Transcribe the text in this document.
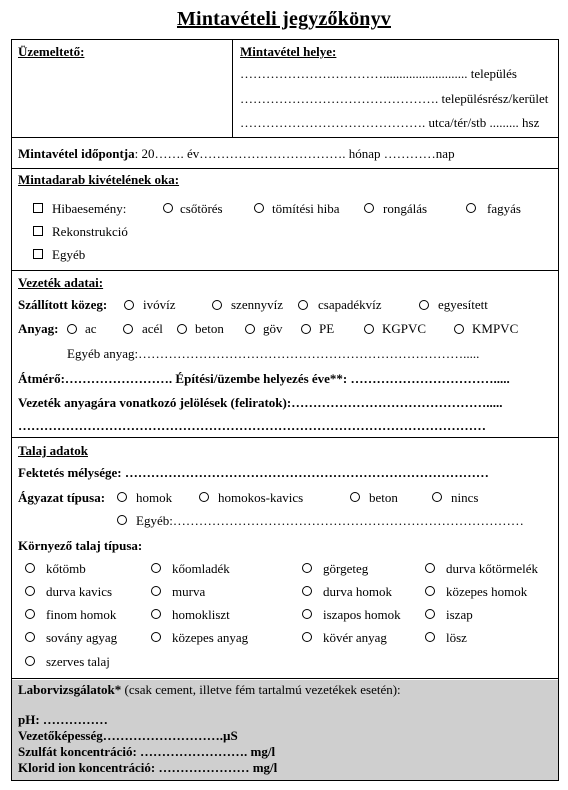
Mintavételi jegyzőkönyv
Üzemeltető:	Mintavétel helye:
…………………………….......................... település
………………………………………. településrész/kerület
……………………………………. utca/tér/stb ......... hsz
Mintavétel időpontja: 20……. év……………………………. hónap …………nap
Mintadarab kivételének oka:
Hibaesemény:	csőtörés	tömítési hiba	rongálás	fagyás
Rekonstrukció
Egyéb
Vezeték adatai:
Szállított közeg:	ivóvíz	szennyvíz	csapadékvíz	egyesített
Anyag: ac	acél beton	göv	PE	KGPVC	KMPVC
Egyéb anyag:………………………………………………………………….....
Átmérő:……………………. Építési/üzembe helyezés éve**: …………………………….....
Vezeték anyagára vonatkozó jelölések (feliratok):……………………………………….....
………………………………………………………………………………………………
Talaj adatok
Fektetés mélysége: …………………………………………………………………………
Ágyazat típusa: homok	homokos-kavics	beton	nincs
Egyéb:………………………………………………………………………
Környező talaj típusa:
kőtömb	kőomladék	görgeteg	durva kőtörmelék
durva kavics	murva	durva homok	közepes homok
finom homok	homokliszt	iszapos homok	iszap
sovány agyag	közepes anyag	kövér anyag	lösz
szerves talaj
Laborvizsgálatok* (csak cement, illetve fém tartalmú vezetékek esetén):
pH: ……………
Vezetőképesség……………………….µS
Szulfát koncentráció: ……………………. mg/l
Klorid ion koncentráció: ………………… mg/l
